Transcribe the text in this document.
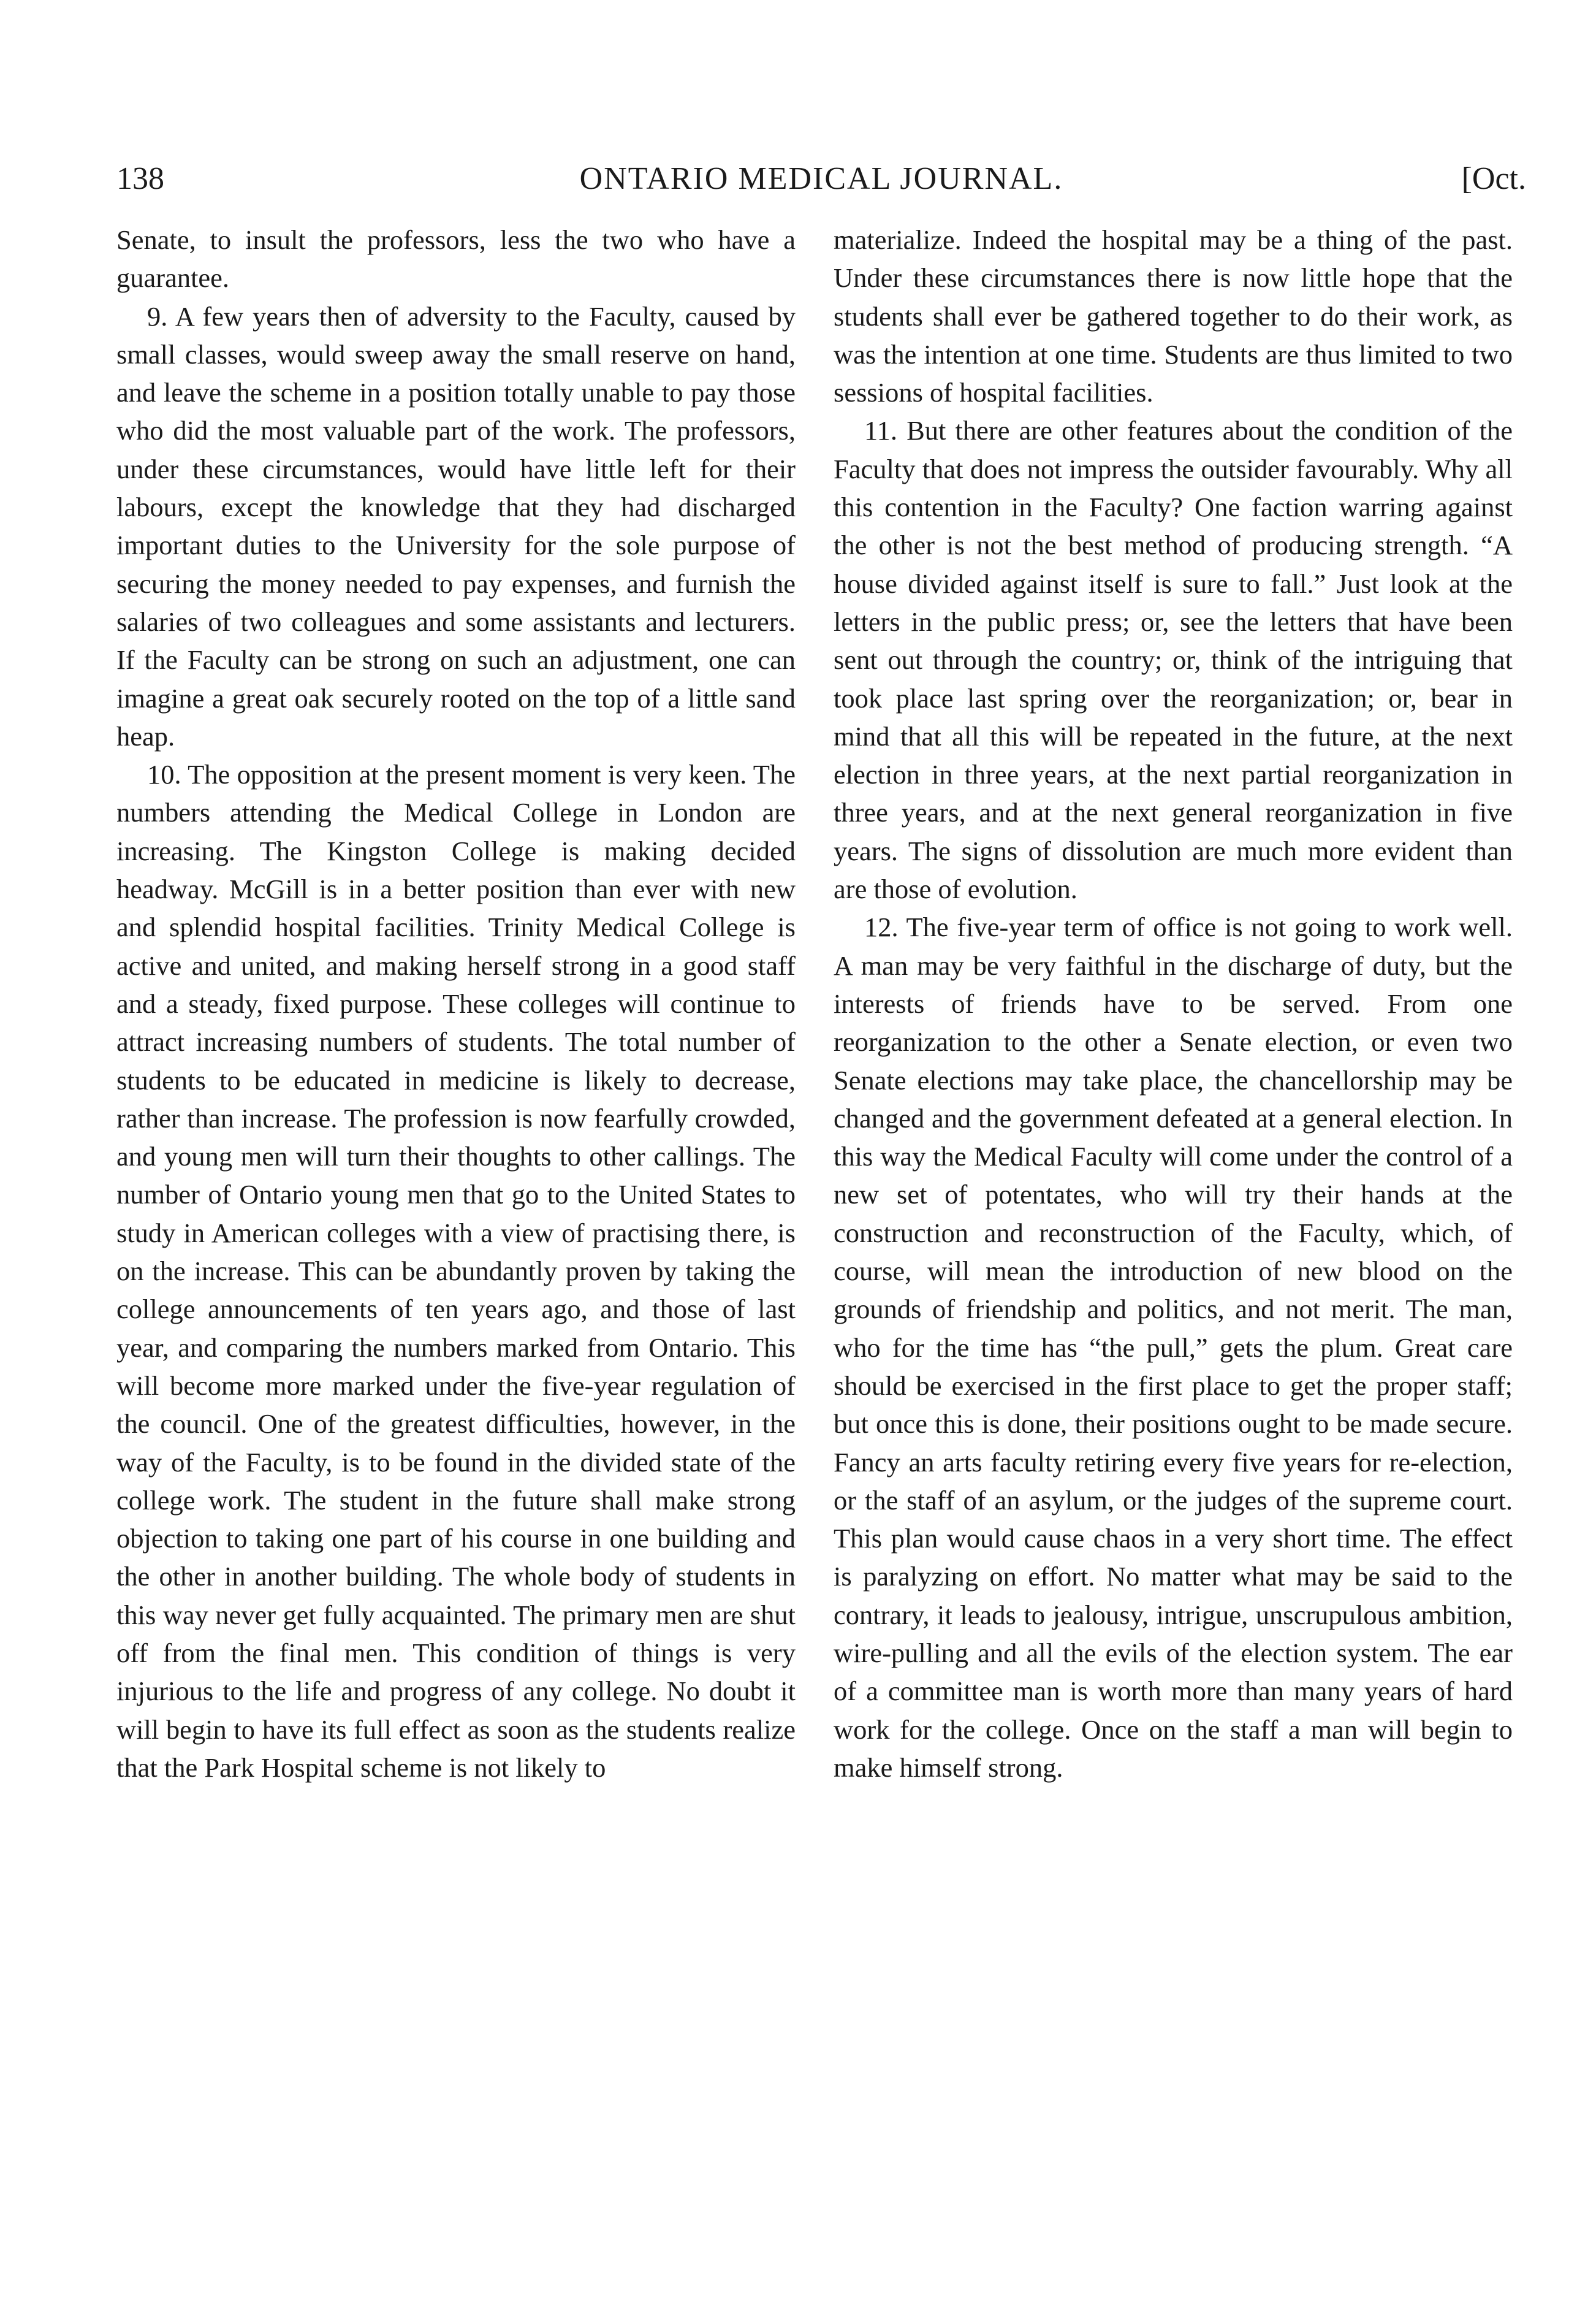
138	ONTARIO MEDICAL JOURNAL.	[Oct.

Senate, to insult the professors, less the two who have a guarantee.

9. A few years then of adversity to the Faculty, caused by small classes, would sweep away the small reserve on hand, and leave the scheme in a position totally unable to pay those who did the most valuable part of the work. The professors, under these circumstances, would have little left for their labours, except the knowledge that they had discharged important duties to the University for the sole purpose of securing the money needed to pay expenses, and furnish the salaries of two colleagues and some assistants and lecturers. If the Faculty can be strong on such an adjustment, one can imagine a great oak securely rooted on the top of a little sand heap.

10. The opposition at the present moment is very keen. The numbers attending the Medical College in London are increasing. The Kingston College is making decided headway. McGill is in a better position than ever with new and splendid hospital facilities. Trinity Medical College is active and united, and making herself strong in a good staff and a steady, fixed purpose. These colleges will continue to attract increasing numbers of students. The total number of students to be educated in medicine is likely to decrease, rather than increase. The profession is now fearfully crowded, and young men will turn their thoughts to other callings. The number of Ontario young men that go to the United States to study in American colleges with a view of practising there, is on the increase. This can be abundantly proven by taking the college announcements of ten years ago, and those of last year, and comparing the numbers marked from Ontario. This will become more marked under the five-year regulation of the council. One of the greatest difficulties, however, in the way of the Faculty, is to be found in the divided state of the college work. The student in the future shall make strong objection to taking one part of his course in one building and the other in another building. The whole body of students in this way never get fully acquainted. The primary men are shut off from the final men. This condition of things is very injurious to the life and progress of any college. No doubt it will begin to have its full effect as soon as the students realize that the Park Hospital scheme is not likely to

materialize. Indeed the hospital may be a thing of the past. Under these circumstances there is now little hope that the students shall ever be gathered together to do their work, as was the intention at one time. Students are thus limited to two sessions of hospital facilities.

11. But there are other features about the condition of the Faculty that does not impress the outsider favourably. Why all this contention in the Faculty? One faction warring against the other is not the best method of producing strength. “A house divided against itself is sure to fall.” Just look at the letters in the public press; or, see the letters that have been sent out through the country; or, think of the intriguing that took place last spring over the reorganization; or, bear in mind that all this will be repeated in the future, at the next election in three years, at the next partial reorganization in three years, and at the next general reorganization in five years. The signs of dissolution are much more evident than are those of evolution.

12. The five-year term of office is not going to work well. A man may be very faithful in the discharge of duty, but the interests of friends have to be served. From one reorganization to the other a Senate election, or even two Senate elections may take place, the chancellorship may be changed and the government defeated at a general election. In this way the Medical Faculty will come under the control of a new set of potentates, who will try their hands at the construction and reconstruction of the Faculty, which, of course, will mean the introduction of new blood on the grounds of friendship and politics, and not merit. The man, who for the time has “the pull,” gets the plum. Great care should be exercised in the first place to get the proper staff; but once this is done, their positions ought to be made secure. Fancy an arts faculty retiring every five years for re-election, or the staff of an asylum, or the judges of the supreme court. This plan would cause chaos in a very short time. The effect is paralyzing on effort. No matter what may be said to the contrary, it leads to jealousy, intrigue, unscrupulous ambition, wire-pulling and all the evils of the election system. The ear of a committee man is worth more than many years of hard work for the college. Once on the staff a man will begin to make himself strong.
